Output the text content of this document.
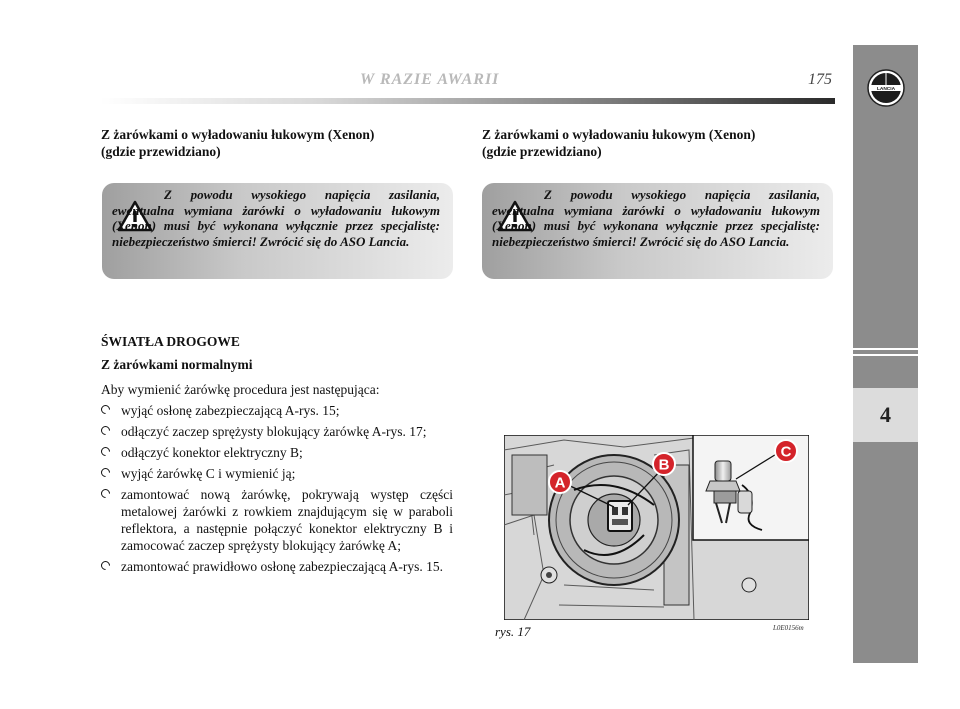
W RAZIE AWARII	175
4
LANCIA
Z żarówkami o wyładowaniu łukowym (Xenon)
(gdzie przewidziano)
Z powodu wysokiego napięcia zasilania, ewentualna wymiana żarówki o wyładowaniu łukowym (Xenon) musi być wykonana wyłącznie przez specjalistę: niebezpieczeństwo śmierci! Zwrócić się do ASO Lancia.
ŚWIATŁA DROGOWE
Z żarówkami normalnymi
Aby wymienić żarówkę procedura jest następująca:
wyjąć osłonę zabezpieczającą A-rys. 15;
odłączyć zaczep sprężysty blokujący żarówkę A-rys. 17;
odłączyć konektor elektryczny B;
wyjąć żarówkę C i wymienić ją;
zamontować nową żarówkę, pokrywają występ części metalowej żarówki z rowkiem znajdującym się w paraboli reflektora, a następnie połączyć konektor elektryczny B i zamocować zaczep sprężysty blokujący żarówkę A;
zamontować prawidłowo osłonę zabezpieczającą A-rys. 15.
Z żarówkami o wyładowaniu łukowym (Xenon)
(gdzie przewidziano)
Z powodu wysokiego napięcia zasilania, ewentualna wymiana żarówki o wyładowaniu łukowym (Xenon) musi być wykonana wyłącznie przez specjalistę: niebezpieczeństwo śmierci! Zwrócić się do ASO Lancia.
A
B
C
rys. 17	L0E0156m
